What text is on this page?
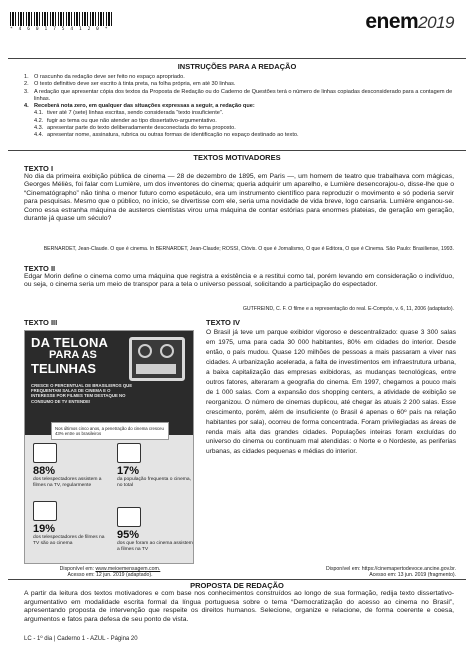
* 4 6 0 1 7 5 4 1 2 0 *	enem2019
INSTRUÇÕES PARA A REDAÇÃO
1. O rascunho da redação deve ser feito no espaço apropriado.
2. O texto definitivo deve ser escrito à tinta preta, na folha própria, em até 30 linhas.
3. A redação que apresentar cópia dos textos da Proposta de Redação ou do Caderno de Questões terá o número de linhas copiadas desconsiderado para a contagem de linhas.
4. Receberá nota zero, em qualquer das situações expressas a seguir, a redação que:
4.1. tiver até 7 (sete) linhas escritas, sendo considerada “texto insuficiente”.
4.2. fugir ao tema ou que não atender ao tipo dissertativo-argumentativo.
4.3. apresentar parte do texto deliberadamente desconectada do tema proposto.
4.4. apresentar nome, assinatura, rubrica ou outras formas de identificação no espaço destinado ao texto.
TEXTOS MOTIVADORES
TEXTO I
No dia da primeira exibição pública de cinema — 28 de dezembro de 1895, em Paris —, um homem de teatro que trabalhava com mágicas, Georges Méliès, foi falar com Lumière, um dos inventores do cinema; queria adquirir um aparelho, e Lumière desencorajou-o, disse-lhe que o “Cinematógrapho” não tinha o menor futuro como espetáculo, era um instrumento científico para reproduzir o movimento e só poderia servir para pesquisas. Mesmo que o público, no início, se divertisse com ele, seria uma novidade de vida breve, logo cansaria. Lumière enganou-se. Como essa estranha máquina de austeros cientistas virou uma máquina de contar estórias para enormes plateias, de geração em geração, durante já quase um século?
BERNARDET, Jean-Claude. O que é cinema. In BERNARDET, Jean-Claude; ROSSI, Clóvis. O que é Jornalismo, O que é Editora, O que é Cinema. São Paulo: Brasiliense, 1993.
TEXTO II
Edgar Morin define o cinema como uma máquina que registra a existência e a restitui como tal, porém levando em consideração o indivíduo, ou seja, o cinema seria um meio de transpor para a tela o universo pessoal, solicitando a participação do espectador.
GUTFREIND, C. F. O filme e a representação do real. E-Compós, v. 6, 11, 2006 (adaptado).
TEXTO III
DA TELONA
PARA AS
TELINHAS
CRESCE O PERCENTUAL DE BRASILEIROS QUE FREQUENTAM SALAS DE CINEMA E O INTERESSE POR FILMES TEM DESTAQUE NO CONSUMO DE TV ENTENDE!
Nos últimos cinco anos, a penetração do cinema cresceu 43% entre os brasileiros
88%
dos telespectadores assistem a filmes na TV, regularmente
17%
da população frequenta o cinema, no total
19%
dos telespectadores de filmes na TV são ao cinema
95%
dos que foram ao cinema assistem a filmes na TV
Disponível em: www.meioemensagem.com.
Acesso em: 12 jun. 2019 (adaptado).
TEXTO IV
O Brasil já teve um parque exibidor vigoroso e descentralizado: quase 3 300 salas em 1975, uma para cada 30 000 habitantes, 80% em cidades do interior. Desde então, o país mudou. Quase 120 milhões de pessoas a mais passaram a viver nas cidades. A urbanização acelerada, a falta de investimentos em infraestrutura urbana, a baixa capitalização das empresas exibidoras, as mudanças tecnológicas, entre outros fatores, alteraram a geografia do cinema. Em 1997, chegamos a pouco mais de 1 000 salas. Com a expansão dos shopping centers, a atividade de exibição se reorganizou. O número de cinemas duplicou, até chegar às atuais 2 200 salas. Esse crescimento, porém, além de insuficiente (o Brasil é apenas o 60º país na relação habitantes por sala), ocorreu de forma concentrada. Foram privilegiadas as áreas de renda mais alta das grandes cidades. Populações inteiras foram excluídas do universo do cinema ou continuam mal atendidas: o Norte e o Nordeste, as periferias urbanas, as cidades pequenas e médias do interior.
Disponível em: https://cinemapertodevoce.ancine.gov.br.
Acesso em: 13 jun. 2019 (fragmento).
PROPOSTA DE REDAÇÃO
A partir da leitura dos textos motivadores e com base nos conhecimentos construídos ao longo de sua formação, redija texto dissertativo-argumentativo em modalidade escrita formal da língua portuguesa sobre o tema “Democratização do acesso ao cinema no Brasil”, apresentando proposta de intervenção que respeite os direitos humanos. Selecione, organize e relacione, de forma coerente e coesa, argumentos e fatos para defesa de seu ponto de vista.
LC - 1º dia | Caderno 1 - AZUL - Página 20
